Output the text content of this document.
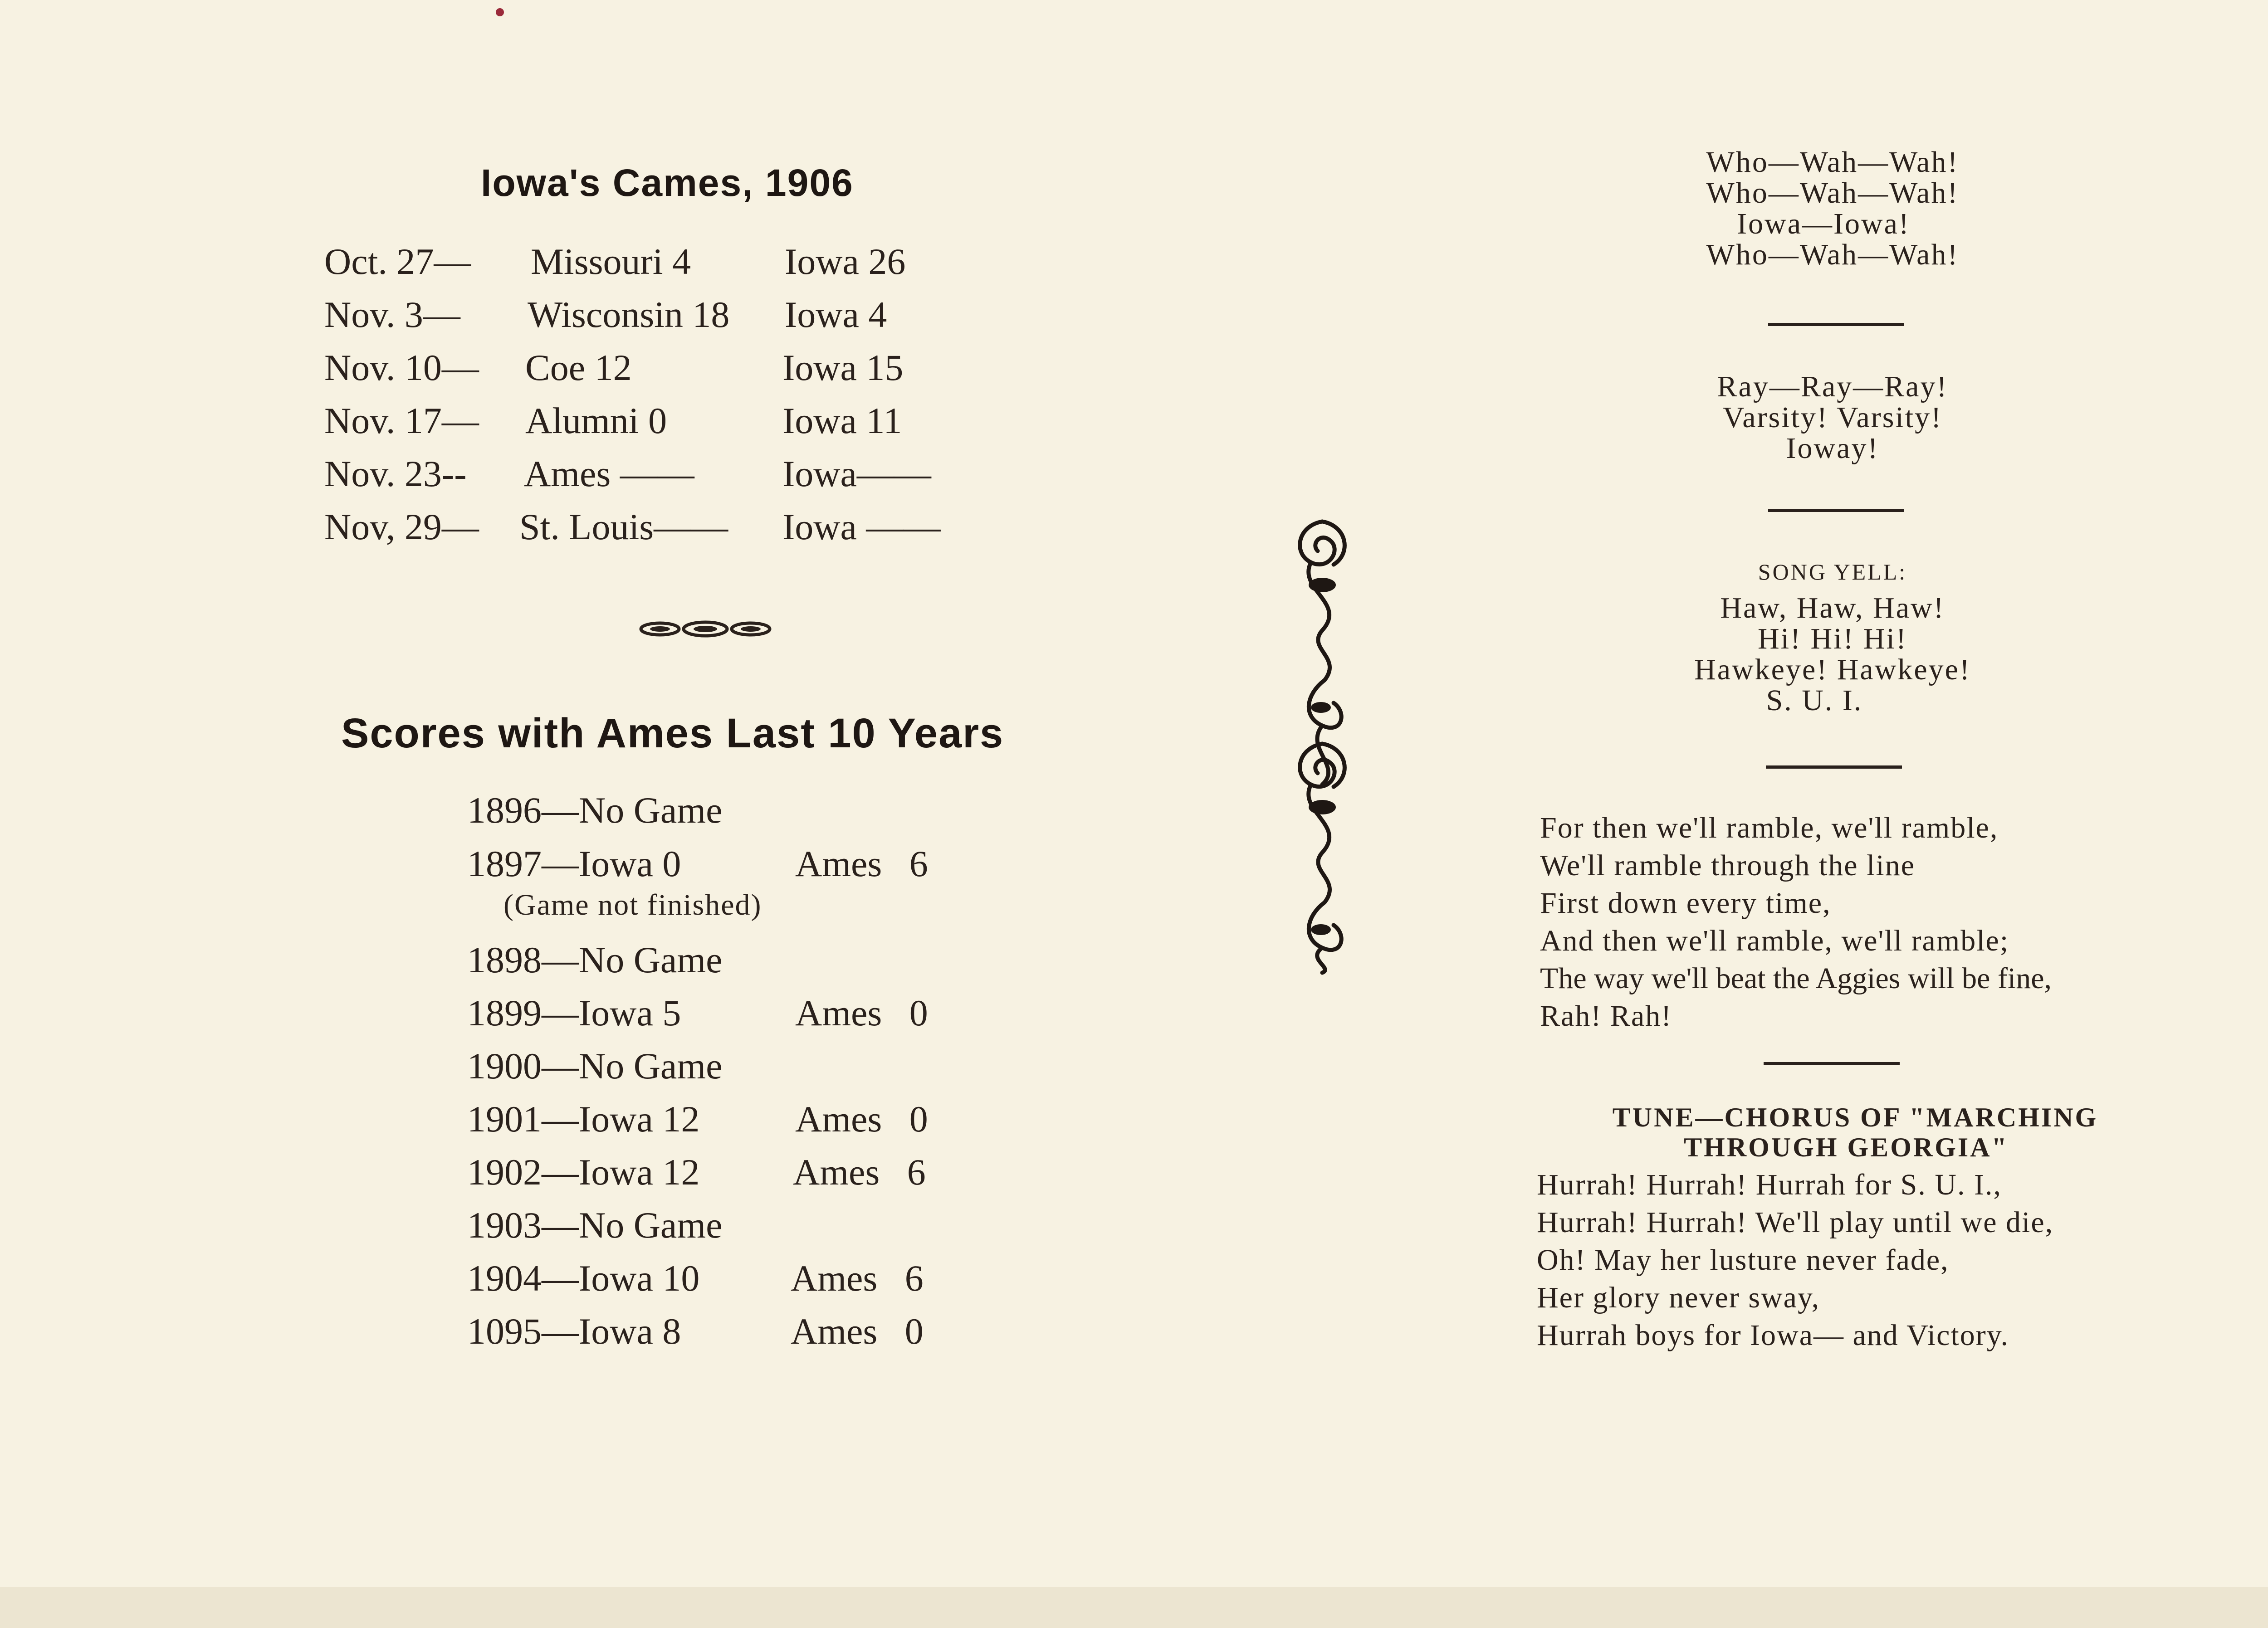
Iowa's Cames, 1906
Oct. 27— Missouri 4	Iowa 26
Nov. 3— Wisconsin 18 Iowa 4
Nov. 10— Coe 12	Iowa 15
Nov. 17— Alumni 0	Iowa 11
Nov. 23-- Ames —— Iowa——
Nov, 29— St. Louis—— Iowa ——
Scores with Ames Last 10 Years
1896—No Game
1897—Iowa 0	Ames 6
(Game not finished)
1898—No Game
1899—Iowa 5	Ames 0
1900—No Game
1901—Iowa 12	Ames 0
1902—Iowa 12	Ames 6
1903—No Game
1904—Iowa 10 Ames 6
1095—Iowa 8	Ames 0
Who—Wah—Wah!
Who—Wah—Wah!
Iowa—Iowa!
Who—Wah—Wah!
Ray—Ray—Ray!
Varsity! Varsity!
Ioway!
SONG YELL:
Haw, Haw, Haw!
Hi! Hi! Hi!
Hawkeye! Hawkeye!
S. U. I.
For then we'll ramble, we'll ramble,
We'll ramble through the line
First down every time,
And then we'll ramble, we'll ramble;
The way we'll beat the Aggies will be fine,
Rah! Rah!
TUNE—CHORUS OF "MARCHING
THROUGH GEORGIA"
Hurrah! Hurrah! Hurrah for S. U. I.,
Hurrah! Hurrah! We'll play until we die,
Oh! May her lusture never fade,
Her glory never sway,
Hurrah boys for Iowa— and Victory.
